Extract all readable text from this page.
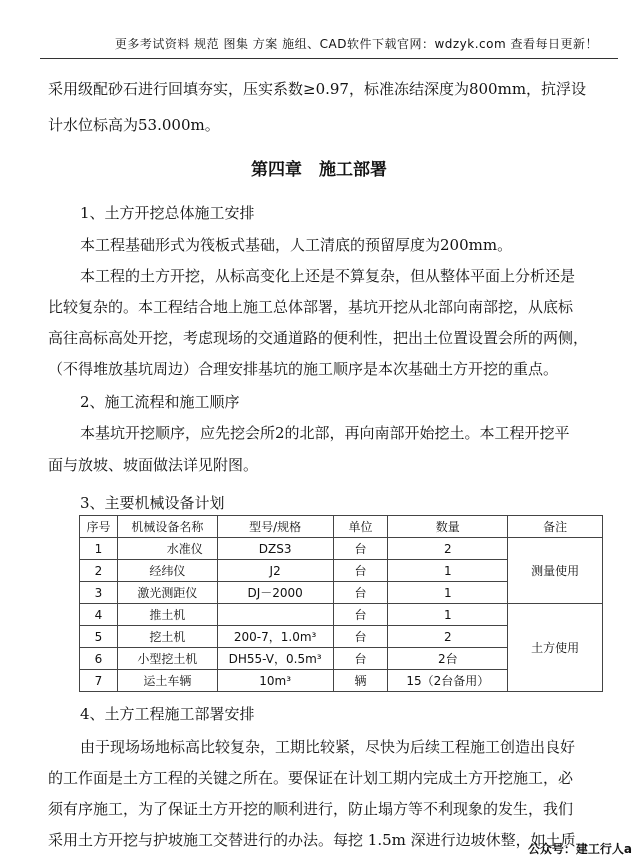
更多考试资料 规范 图集 方案 施组、CAD软件下载官网：wdzyk.com 查看每日更新！
采用级配砂石进行回填夯实，压实系数≥0.97，标准冻结深度为800mm，抗浮设
计水位标高为53.000m。
第四章　施工部署
1、土方开挖总体施工安排
本工程基础形式为筏板式基础，人工清底的预留厚度为200mm。
本工程的土方开挖，从标高变化上还是不算复杂，但从整体平面上分析还是
比较复杂的。本工程结合地上施工总体部署，基坑开挖从北部向南部挖，从底标
高往高标高处开挖，考虑现场的交通道路的便利性，把出土位置设置会所的两侧，
（不得堆放基坑周边）合理安排基坑的施工顺序是本次基础土方开挖的重点。
2、施工流程和施工顺序
本基坑开挖顺序，应先挖会所2的北部，再向南部开始挖土。本工程开挖平
面与放坡、坡面做法详见附图。
3、主要机械设备计划
序号	机械设备名称	型号/规格	单位	数量	备注
1	水准仪	DZS3	台	2	测量使用
2	经纬仪	J2	台	1	
3	激光测距仪	DJ－2000	台	1	
4	推土机		台	1	土方使用
5	挖土机	200-7，1.0m³	台	2	
6	小型挖土机	DH55-V，0.5m³	台	2台	
7	运土车辆	10m³	辆	15（2台备用）	
4、土方工程施工部署安排
由于现场场地标高比较复杂，工期比较紧，尽快为后续工程施工创造出良好
的工作面是土方工程的关键之所在。要保证在计划工期内完成土方开挖施工，必
须有序施工，为了保证土方开挖的顺利进行，防止塌方等不利现象的发生，我们
采用土方开挖与护坡施工交替进行的办法。每挖 1.5m 深进行边坡休整，如土质
公众号：建工行人a
